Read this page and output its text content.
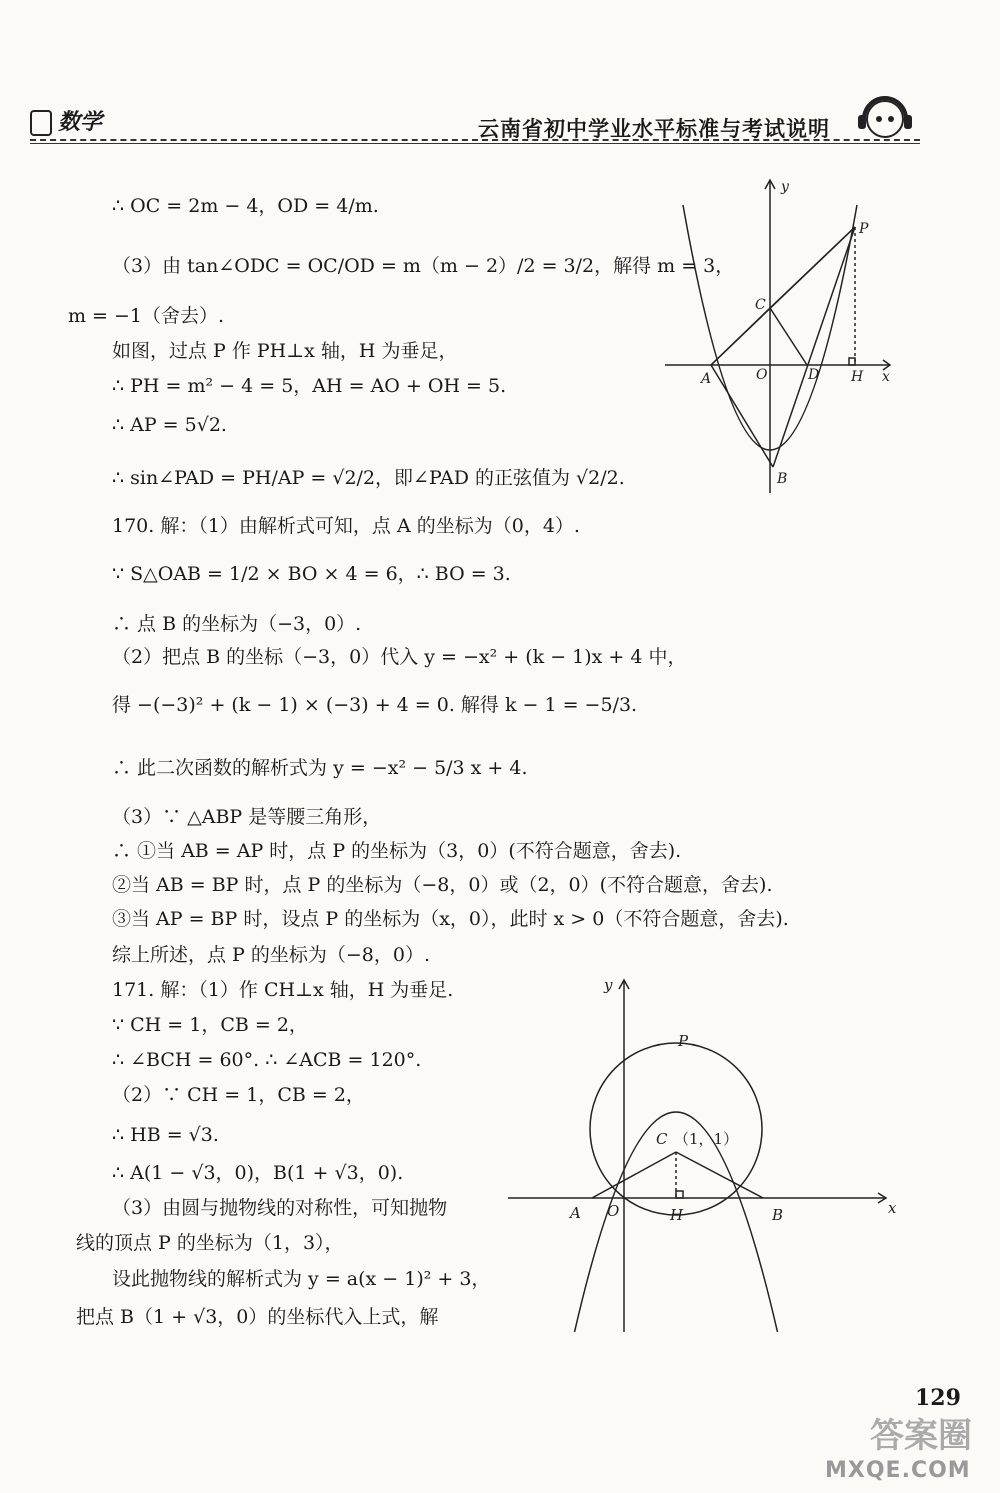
数学	云南省初中学业水平标准与考试说明
∴ OC = 2m − 4，OD = 4/m.
（3）由 tan∠ODC = OC/OD = m（m − 2）/2 = 3/2，解得 m = 3，
m = −1（舍去）.
如图，过点 P 作 PH⊥x 轴，H 为垂足，
∴ PH = m² − 4 = 5，AH = AO + OH = 5.
∴ AP = 5√2.
∴ sin∠PAD = PH/AP = √2/2，即∠PAD 的正弦值为 √2/2.
170. 解：（1）由解析式可知，点 A 的坐标为（0，4）.
∵ S△OAB = 1/2 × BO × 4 = 6，∴ BO = 3.
∴ 点 B 的坐标为（−3，0）.
（2）把点 B 的坐标（−3，0）代入 y = −x² + (k − 1)x + 4 中，
得 −(−3)² + (k − 1) × (−3) + 4 = 0. 解得 k − 1 = −5/3.
∴ 此二次函数的解析式为 y = −x² − 5/3 x + 4.
（3）∵ △ABP 是等腰三角形，
∴ ①当 AB = AP 时，点 P 的坐标为（3，0）(不符合题意，舍去).
②当 AB = BP 时，点 P 的坐标为（−8，0）或（2，0）(不符合题意，舍去).
③当 AP = BP 时，设点 P 的坐标为（x，0），此时 x > 0（不符合题意，舍去).
综上所述，点 P 的坐标为（−8，0）.
171. 解：（1）作 CH⊥x 轴，H 为垂足.
∵ CH = 1，CB = 2，
∴ ∠BCH = 60°. ∴ ∠ACB = 120°.
（2）∵ CH = 1，CB = 2，
∴ HB = √3.
∴ A(1 − √3，0)，B(1 + √3，0).
（3）由圆与抛物线的对称性，可知抛物
线的顶点 P 的坐标为（1，3），
设此抛物线的解析式为 y = a(x − 1)² + 3，
把点 B（1 + √3，0）的坐标代入上式，解
y
x
P
C
A	O	D H
B
y
x
P
C （1，1）
A O	H	B
129
答案圈
MXQE.COM
